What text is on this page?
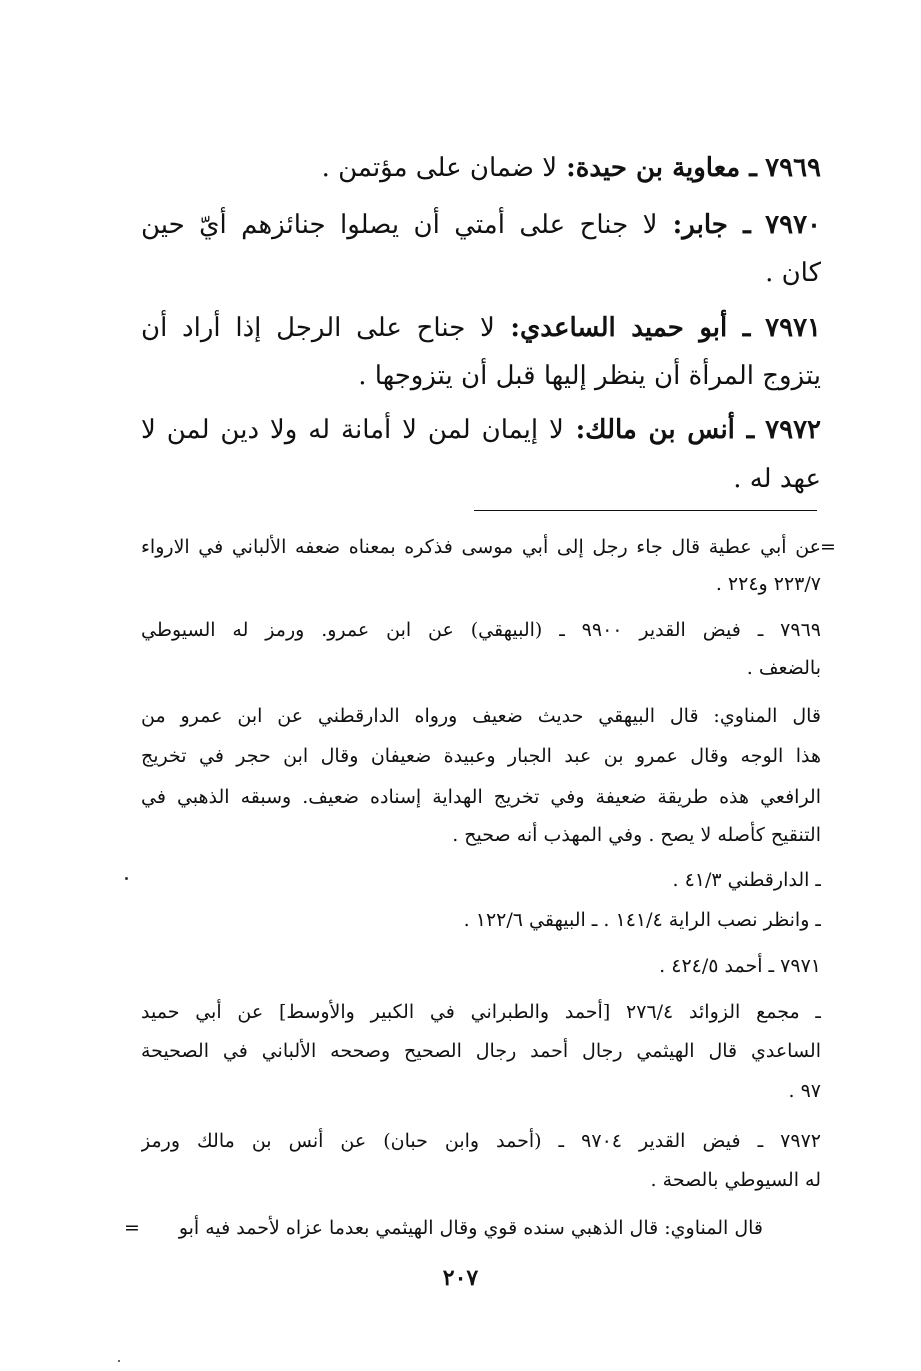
٧٩٦٩ ـ معاوية بن حيدة: لا ضمان على مؤتمن .
٧٩٧٠ ـ جابر: لا جناح على أمتي أن يصلوا جنائزهم أيّ حين
كان .
٧٩٧١ ـ أبو حميد الساعدي: لا جناح على الرجل إذا أراد أن
يتزوج المرأة أن ينظر إليها قبل أن يتزوجها .
٧٩٧٢ ـ أنس بن مالك: لا إيمان لمن لا أمانة له ولا دين لمن لا
عهد له .
=
عن أبي عطية قال جاء رجل إلى أبي موسى فذكره بمعناه ضعفه الألباني في الارواء
٢٢٣/٧ و٢٢٤ .
٧٩٦٩ ـ فيض القدير ٩٩٠٠ ـ (البيهقي) عن ابن عمرو. ورمز له السيوطي
بالضعف .
قال المناوي: قال البيهقي حديث ضعيف ورواه الدارقطني عن ابن عمرو من
هذا الوجه وقال عمرو بن عبد الجبار وعبيدة ضعيفان وقال ابن حجر في تخريج
الرافعي هذه طريقة ضعيفة وفي تخريج الهداية إسناده ضعيف. وسبقه الذهبي في
التنقيح كأصله لا يصح . وفي المهذب أنه صحيح .
ـ الدارقطني ٤١/٣ .
ـ وانظر نصب الراية ١٤١/٤ . ـ البيهقي ١٢٢/٦ .
٧٩٧١ ـ أحمد ٤٢٤/٥ .
ـ مجمع الزوائد ٢٧٦/٤ [أحمد والطبراني في الكبير والأوسط] عن أبي حميد
الساعدي قال الهيثمي رجال أحمد رجال الصحيح وصححه الألباني في الصحيحة
٩٧ .
٧٩٧٢ ـ فيض القدير ٩٧٠٤ ـ (أحمد وابن حبان) عن أنس بن مالك ورمز
له السيوطي بالصحة .
قال المناوي: قال الذهبي سنده قوي وقال الهيثمي بعدما عزاه لأحمد فيه أبو
=
٢٠٧
